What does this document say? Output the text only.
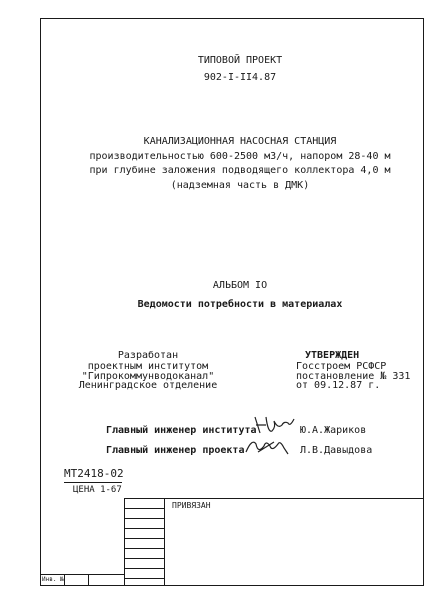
ТИПОВОЙ ПРОЕКТ
902-I-II4.87
КАНАЛИЗАЦИОННАЯ НАСОСНАЯ СТАНЦИЯ
производительностью 600-2500 м3/ч, напором 28-40 м
при глубине заложения подводящего коллектора 4,0 м
(надземная часть в ДМК)
АЛЬБОМ IO
Ведомости потребности в материалах
Разработан
проектным институтом
"Гипрокоммунводоканал"
Ленинградское отделение
УТВЕРЖДЕН
Госстроем РСФСР
постановление № 331
от 09.12.87 г.
Главный инженер института	Ю.А.Жариков
Главный инженер проекта	Л.В.Давыдова
МТ2418-02
ЦЕНА 1-67
ПРИВЯЗАН
Инв. №
